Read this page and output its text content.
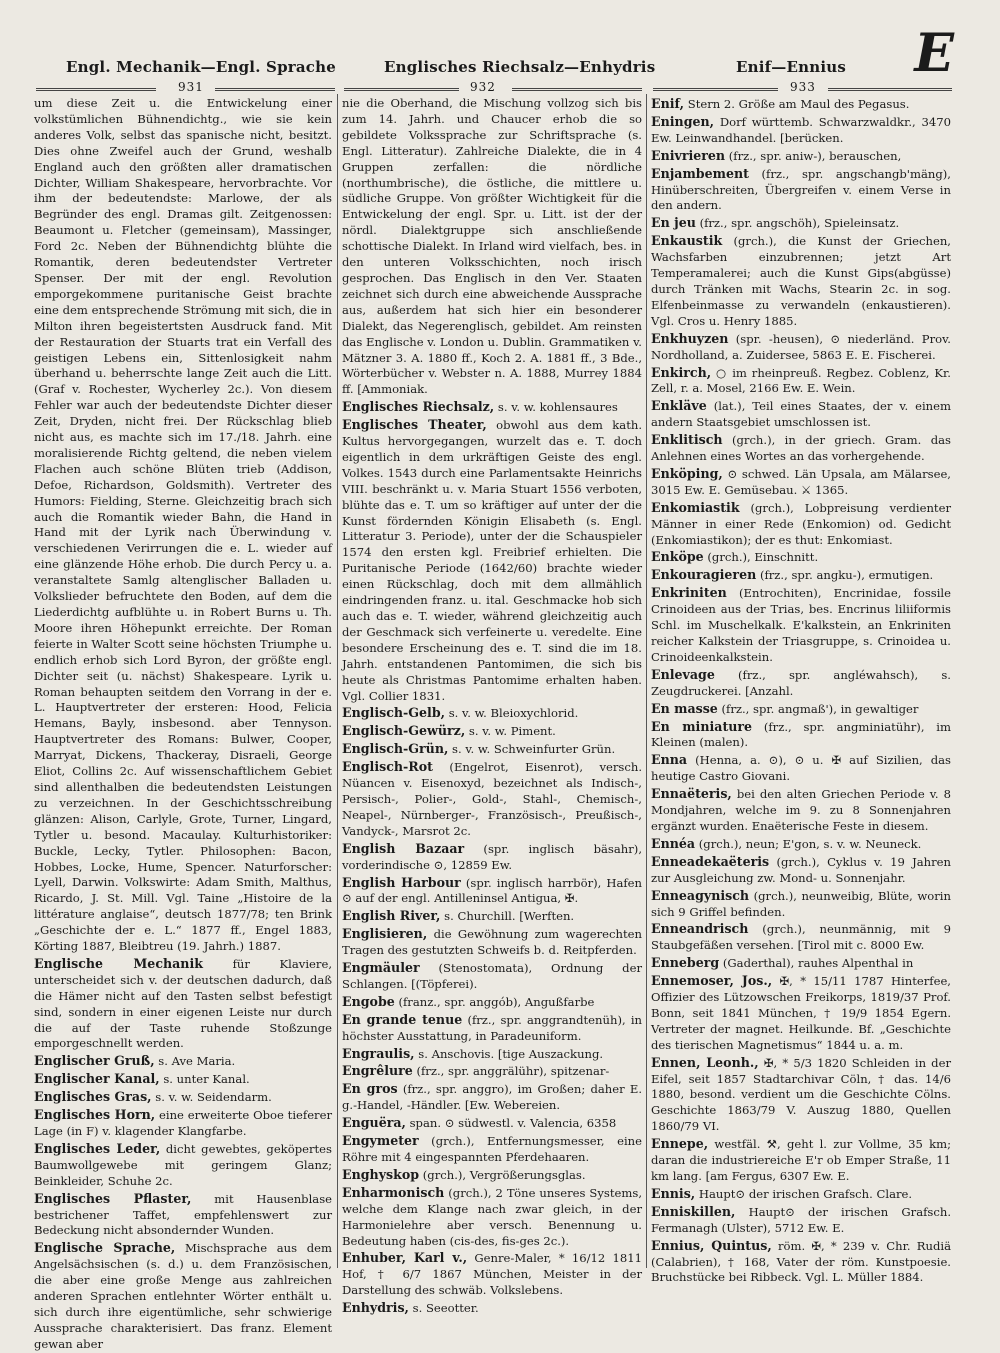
Engl. Mechanik—Engl. Sprache	Englisches Riechsalz—Enhydris	Enif—Ennius E
931	932	933

um diese Zeit u. die Entwickelung einer volkstümlichen Bühnendichtg., wie sie kein anderes Volk, selbst das spanische nicht, besitzt. Dies ohne Zweifel auch der Grund, weshalb England auch den größten aller dramatischen Dichter, William Shakespeare, hervorbrachte. Vor ihm der bedeutendste: Marlowe, der als Begründer des engl. Dramas gilt. Zeitgenossen: Beaumont u. Fletcher (gemeinsam), Massinger, Ford 2c. Neben der Bühnendichtg blühte die Romantik, deren bedeutendster Vertreter Spenser. Der mit der engl. Revolution emporgekommene puritanische Geist brachte eine dem entsprechende Strömung mit sich, die in Milton ihren begeistertsten Ausdruck fand. Mit der Restauration der Stuarts trat ein Verfall des geistigen Lebens ein, Sittenlosigkeit nahm überhand u. beherrschte lange Zeit auch die Litt. (Graf v. Rochester, Wycherley 2c.). Von diesem Fehler war auch der bedeutendste Dichter dieser Zeit, Dryden, nicht frei. Der Rückschlag blieb nicht aus, es machte sich im 17./18. Jahrh. eine moralisierende Richtg geltend, die neben vielem Flachen auch schöne Blüten trieb (Addison, Defoe, Richardson, Goldsmith). Vertreter des Humors: Fielding, Sterne. Gleichzeitig brach sich auch die Romantik wieder Bahn, die Hand in Hand mit der Lyrik nach Überwindung v. verschiedenen Verirrungen die e. L. wieder auf eine glänzende Höhe erhob. Die durch Percy u. a. veranstaltete Samlg altenglischer Balladen u. Volkslieder befruchtete den Boden, auf dem die Liederdichtg aufblühte u. in Robert Burns u. Th. Moore ihren Höhepunkt erreichte. Der Roman feierte in Walter Scott seine höchsten Triumphe u. endlich erhob sich Lord Byron, der größte engl. Dichter seit (u. nächst) Shakespeare. Lyrik u. Roman behaupten seitdem den Vorrang in der e. L. Hauptvertreter der ersteren: Hood, Felicia Hemans, Bayly, insbesond. aber Tennyson. Hauptvertreter des Romans: Bulwer, Cooper, Marryat, Dickens, Thackeray, Disraeli, George Eliot, Collins 2c. Auf wissenschaftlichem Gebiet sind allenthalben die bedeutendsten Leistungen zu verzeichnen. In der Geschichtsschreibung glänzen: Alison, Carlyle, Grote, Turner, Lingard, Tytler u. besond. Macaulay. Kulturhistoriker: Buckle, Lecky, Tytler. Philosophen: Bacon, Hobbes, Locke, Hume, Spencer. Naturforscher: Lyell, Darwin. Volkswirte: Adam Smith, Malthus, Ricardo, J. St. Mill. Vgl. Taine „Histoire de la littérature anglaise“, deutsch 1877/78; ten Brink „Geschichte der e. L.“ 1877 ff., Engel 1883, Körting 1887, Bleibtreu (19. Jahrh.) 1887.

Englische Mechanik	für Klaviere, unterscheidet sich v. der deutschen dadurch, daß die Hämer nicht auf den Tasten selbst befestigt sind, sondern in einer eigenen Leiste nur durch die auf der Taste ruhende Stoßzunge emporgeschnellt werden.

Englischer Gruß, s. Ave Maria.

Englischer Kanal, s. unter Kanal.

Englisches Gras, s. v. w. Seidendarm.

Englisches Horn, eine erweiterte Oboe tieferer Lage (in F) v. klagender Klangfarbe.

Englisches Leder, dicht gewebtes, geköpertes Baumwollgewebe mit geringem Glanz; Beinkleider, Schuhe 2c.

Englisches Pflaster, mit Hausenblase bestrichener Taffet, empfehlenswert zur Bedeckung nicht absondernder Wunden.

Englische Sprache, Mischsprache aus dem Angelsächsischen (s. d.) u. dem Französischen, die aber eine große Menge aus zahlreichen anderen Sprachen entlehnter Wörter enthält u. sich durch ihre eigentümliche, sehr schwierige Aussprache charakterisiert. Das franz. Element gewan aber

nie die Oberhand, die Mischung vollzog sich bis zum 14. Jahrh. und Chaucer erhob die so gebildete Volkssprache zur Schriftsprache (s. Engl. Litteratur). Zahlreiche Dialekte, die in 4 Gruppen zerfallen: die nördliche (northumbrische), die östliche, die mittlere u. südliche Gruppe. Von größter Wichtigkeit für die Entwickelung der engl. Spr. u. Litt. ist der der nördl. Dialektgruppe sich anschließende schottische Dialekt. In Irland wird vielfach, bes. in den unteren Volksschichten, noch irisch gesprochen. Das Englisch in den Ver. Staaten zeichnet sich durch eine abweichende Aussprache aus, außerdem hat sich hier ein besonderer Dialekt, das Negerenglisch, gebildet. Am reinsten das Englische v. London u. Dublin. Grammatiken v. Mätzner 3. A. 1880 ff., Koch 2. A. 1881 ff., 3 Bde., Wörterbücher v. Webster n. A. 1888, Murrey 1884 ff. [Ammoniak.

Englisches Riechsalz, s. v. w. kohlensaures

Englisches Theater, obwohl aus dem kath. Kultus hervorgegangen, wurzelt das e. T. doch eigentlich in dem urkräftigen Geiste des engl. Volkes. 1543 durch eine Parlamentsakte Heinrichs VIII. beschränkt u. v. Maria Stuart 1556 verboten, blühte das e. T. um so kräftiger auf unter der die Kunst fördernden Königin Elisabeth (s. Engl. Litteratur 3. Periode), unter der die Schauspieler 1574 den ersten kgl. Freibrief erhielten. Die Puritanische Periode (1642/60) brachte wieder einen Rückschlag, doch mit dem allmählich eindringenden franz. u. ital. Geschmacke hob sich auch das e. T. wieder, während gleichzeitig auch der Geschmack sich verfeinerte u. veredelte. Eine besondere Erscheinung des e. T. sind die im 18. Jahrh. entstandenen Pantomimen, die sich bis heute als Christmas Pantomime erhalten haben. Vgl. Collier 1831.

Englisch-Gelb, s. v. w. Bleioxychlorid.

Englisch-Gewürz, s. v. w. Piment.

Englisch-Grün, s. v. w. Schweinfurter Grün.

Englisch-Rot (Engelrot, Eisenrot), versch. Nüancen v. Eisenoxyd, bezeichnet als Indisch-, Persisch-, Polier-, Gold-, Stahl-, Chemisch-, Neapel-, Nürnberger-, Französisch-, Preußisch-, Vandyck-, Marsrot 2c.

English Bazaar (spr. inglisch bäsahr), vorderindische ⊙, 12859 Ew.

English Harbour (spr. inglisch harrbör), Hafen ⊙ auf der engl. Antilleninsel Antigua, ✠.

English River, s. Churchill. [Werften.

Englisieren, die Gewöhnung zum wagerechten Tragen des gestutzten Schweifs b. d. Reitpferden.

Engmäuler (Stenostomata), Ordnung der Schlangen. [(Töpferei).

Engobe (franz., spr. anggób), Angußfarbe

En grande tenue (frz., spr. anggrandtenüh), in höchster Ausstattung, in Paradeuniform.

Engraulis, s. Anschovis. [tige Auszackung.

Engrêlure (frz., spr. anggrälühr), spitzenar-

En gros (frz., spr. anggro), im Großen; daher E. g.-Handel, -Händler. [Ew. Webereien.

Enguëra, span. ⊙ südwestl. v. Valencia, 6358

Engymeter (grch.), Entfernungsmesser, eine Röhre mit 4 eingespannten Pferdehaaren.

Enghyskop (grch.), Vergrößerungsglas.

Enharmonisch (grch.), 2 Töne unseres Systems, welche dem Klange nach zwar gleich, in der Harmonielehre aber versch. Benennung u. Bedeutung haben (cis-des, fis-ges 2c.).

Enhuber, Karl v., Genre-Maler, * 16/12 1811 Hof, † 6/7 1867 München, Meister in der Darstellung des schwäb. Volkslebens.

Enhydris, s. Seeotter.

Enif, Stern 2. Größe am Maul des Pegasus.

Eningen, Dorf württemb. Schwarzwaldkr., 3470 Ew. Leinwandhandel. [berücken.

Enivrieren (frz., spr. aniw-), berauschen,

Enjambement (frz., spr. angschangb'mäng), Hinüberschreiten, Übergreifen v. einem Verse in den andern.

En jeu (frz., spr. angschöh), Spieleinsatz.

Enkaustik (grch.), die Kunst der Griechen, Wachsfarben einzubrennen; jetzt Art Temperamalerei; auch die Kunst Gips(abgüsse) durch Tränken mit Wachs, Stearin 2c. in sog. Elfenbeinmasse zu verwandeln (enkaustieren). Vgl. Cros u. Henry 1885.

Enkhuyzen (spr. -heusen), ⊙ niederländ. Prov. Nordholland, a. Zuidersee, 5863 E. E. Fischerei.

Enkirch, ○ im rheinpreuß. Regbez. Coblenz, Kr. Zell, r. a. Mosel, 2166 Ew. E. Wein.

Enkläve (lat.), Teil eines Staates, der v. einem andern Staatsgebiet umschlossen ist.

Enklitisch (grch.), in der griech. Gram. das Anlehnen eines Wortes an das vorhergehende.

Enköping, ⊙ schwed. Län Upsala, am Mälarsee, 3015 Ew. E. Gemüsebau. ⚔ 1365.

Enkomiastik (grch.), Lobpreisung verdienter Männer in einer Rede (Enkomion) od. Gedicht (Enkomiastikon); der es thut: Enkomiast.

Enköpe (grch.), Einschnitt.

Enkouragieren (frz., spr. angku-), ermutigen.

Enkriniten (Entrochiten), Encrinidae, fossile Crinoideen aus der Trias, bes. Encrinus liliiformis Schl. im Muschelkalk. E'kalkstein, an Enkriniten reicher Kalkstein der Triasgruppe, s. Crinoidea u. Crinoideenkalkstein.

Enlevage (frz., spr. angléwahsch), s. Zeugdruckerei. [Anzahl.

En masse (frz., spr. angmaß'), in gewaltiger

En miniature (frz., spr. angminiatühr), im Kleinen (malen).

Enna (Henna, a. ⊙), ⊙ u. ✠ auf Sizilien, das heutige Castro Giovani.

Ennaëteris, bei den alten Griechen Periode v. 8 Mondjahren, welche im 9. zu 8 Sonnenjahren ergänzt wurden. Enaëterische Feste in diesem.

Ennéa (grch.), neun; E'gon, s. v. w. Neuneck.

Enneadekaëteris (grch.), Cyklus v. 19 Jahren zur Ausgleichung zw. Mond- u. Sonnenjahr.

Enneagynisch (grch.), neunweibig, Blüte, worin sich 9 Griffel befinden.

Enneandrisch (grch.), neunmännig, mit 9 Staubgefäßen versehen. [Tirol mit c. 8000 Ew.

Enneberg (Gaderthal), rauhes Alpenthal in

Ennemoser, Jos., ✠, * 15/11 1787 Hinterfee, Offizier des Lützowschen Freikorps, 1819/37 Prof. Bonn, seit 1841 München, † 19/9 1854 Egern. Vertreter der magnet. Heilkunde. Bf. „Geschichte des tierischen Magnetismus“ 1844 u. a. m.

Ennen, Leonh., ✠, * 5/3 1820 Schleiden in der Eifel, seit 1857 Stadtarchivar Cöln, † das. 14/6 1880, besond. verdient um die Geschichte Cölns. Geschichte 1863/79 V. Auszug 1880, Quellen 1860/79 VI.

Ennepe, westfäl. ⚒, geht l. zur Vollme, 35 km; daran die industriereiche E'r ob Emper Straße, 11 km lang. [am Fergus, 6307 Ew. E.

Ennis, Haupt⊙ der irischen Grafsch. Clare.

Enniskillen, Haupt⊙ der irischen Grafsch. Fermanagh (Ulster), 5712 Ew. E.

Ennius, Quintus, röm. ✠, * 239 v. Chr. Rudiä (Calabrien), † 168, Vater der röm. Kunstpoesie. Bruchstücke bei Ribbeck. Vgl. L. Müller 1884.
